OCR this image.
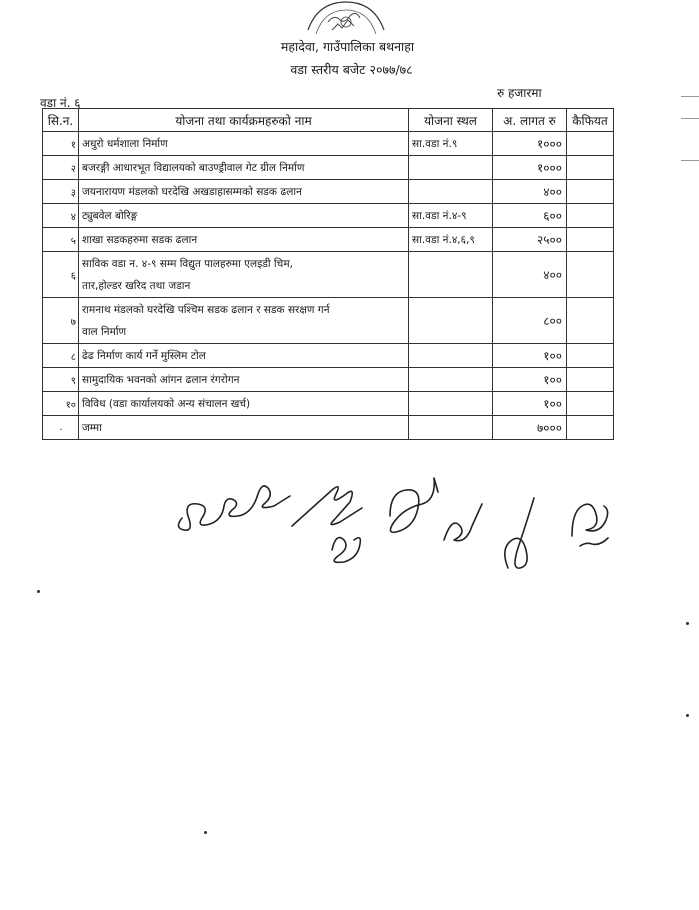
महादेवा, गाउँपालिका बथनाहा
वडा स्तरीय बजेट २०७७/७८
वडा नं. ६
रु हजारमा
सि.न.	योजना तथा कार्यक्रमहरुको नाम	योजना स्थल	अ. लागत रु	कैफियत
१	अधुरो धर्मशाला निर्माण	सा.वडा नं.९	१०००	
२	बजरङ्गी आधारभूत विद्यालयको बाउण्ड्रीवाल गेट ग्रील निर्माण		१०००	
३	जयनारायण मंडलको घरदेखि अखडाहासम्मको सडक ढलान		४००	
४	ट्युबवेल बोरिङ्ग	सा.वडा नं.४-९	६००	
५	शाखा सडकहरुमा सडक ढलान	सा.वडा नं.४,६,९	२५००	
६	साविक वडा न. ४-९ सम्म विद्युत पालहरुमा एलइडी चिम,
तार,होल्डर खरिद तथा जडान		४००	
७	रामनाथ मंडलको घरदेखि पश्चिम सडक ढलान र सडक सरक्षण गर्न
वाल निर्माण		८००	
८	ढेढ निर्माण कार्य गर्ने मुस्लिम टोल		१००	
९	सामुदायिक भवनको आंगन ढलान रंगरोगन		१००	
१०	विविध (वडा कार्यालयको अन्य संचालन खर्च)		१००	
.	जम्मा		७०००	
